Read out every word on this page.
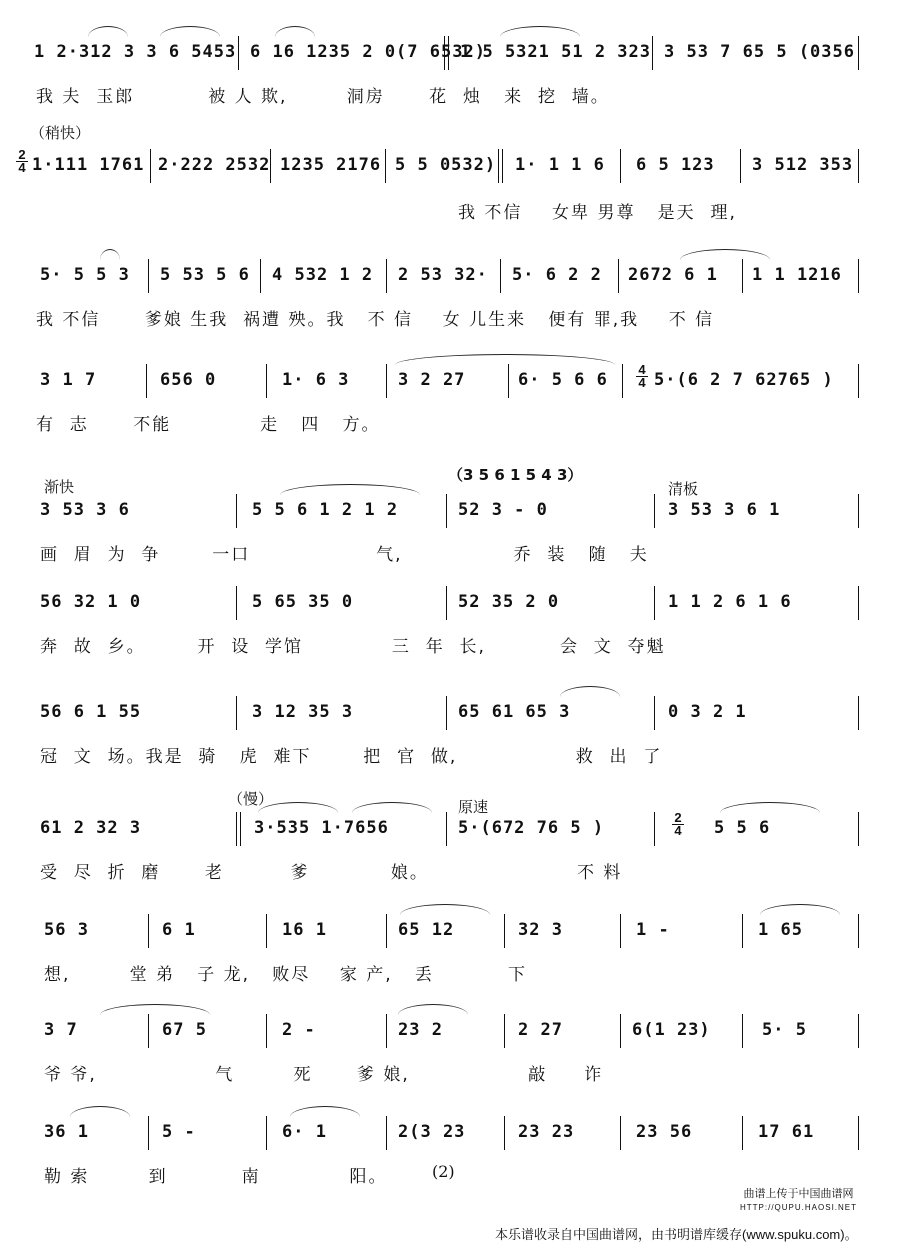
1 2·312 3 3 6 5453 6 16 1235 2 0(7 6532)
1 5 5321 51 2 323 3 53 7 65 5 (0356
我 夫  玉郎          被 人 欺,        洞房      花  烛   来  挖  墙。
（稍快）
2
4 1·111 1761 2·222 2532 1235 2176 5 5 0532) 1· 1 1 6 6 5 123 3 512 353
我 不信    女卑 男尊   是天  理,
5· 5 5 3 5 53 5 6 4 532 1 2 2 53 32· 5· 6 2 2 2672 6 1 1 1 1216
我 不信      爹娘 生我  祸遭 殃。我   不 信    女 儿生来   便有 罪,我    不 信
3 1 7	656 0	1· 6 3	3 2 27	6· 5 6 6
4
4 5·(6 2 7 62765 )
有  志      不能            走   四   方。
渐快
（3 5 6 1 5 4 3）
清板
3 53 3 6	5 5 6 1 2 1 2	52 3 - 0	3 53 3 6 1
画  眉  为  争       一口                 气,               乔  装   随   夫
56 32 1 0	5 65 35 0	52 35 2 0	1 1 2 6 1 6
奔  故  乡。       开  设  学馆            三  年  长,          会  文  夺魁
56 6 1 55	3 12 35 3	65 61 65 3	0 3 2 1
冠  文  场。我是  骑   虎  难下       把  官  做,                救  出  了
（慢）	原速
61 2 32 3	3·535 1·7656	5·(672 76 5 )
2
4 5 5 6
受  尽  折  磨      老         爹           娘。                    不 料
56 3	6 1	16 1	65 12	32 3	1 -	1 65
想,        堂 弟   子 龙,   败尽    家 产,   丢          下
3 7	67 5	2 -	23 2	2 27	6(1 23)	5· 5
爷 爷,                气        死      爹 娘,                敲     诈
36 1	5 -	6· 1	2(3 23	23 23	23 56	17 61
勒 索        到          南            阳。	(2)
曲谱上传于中国曲谱网
HTTP://QUPU.HAOSI.NET
本乐谱收录自中国曲谱网，由书明谱库缓存(www.spuku.com)。
